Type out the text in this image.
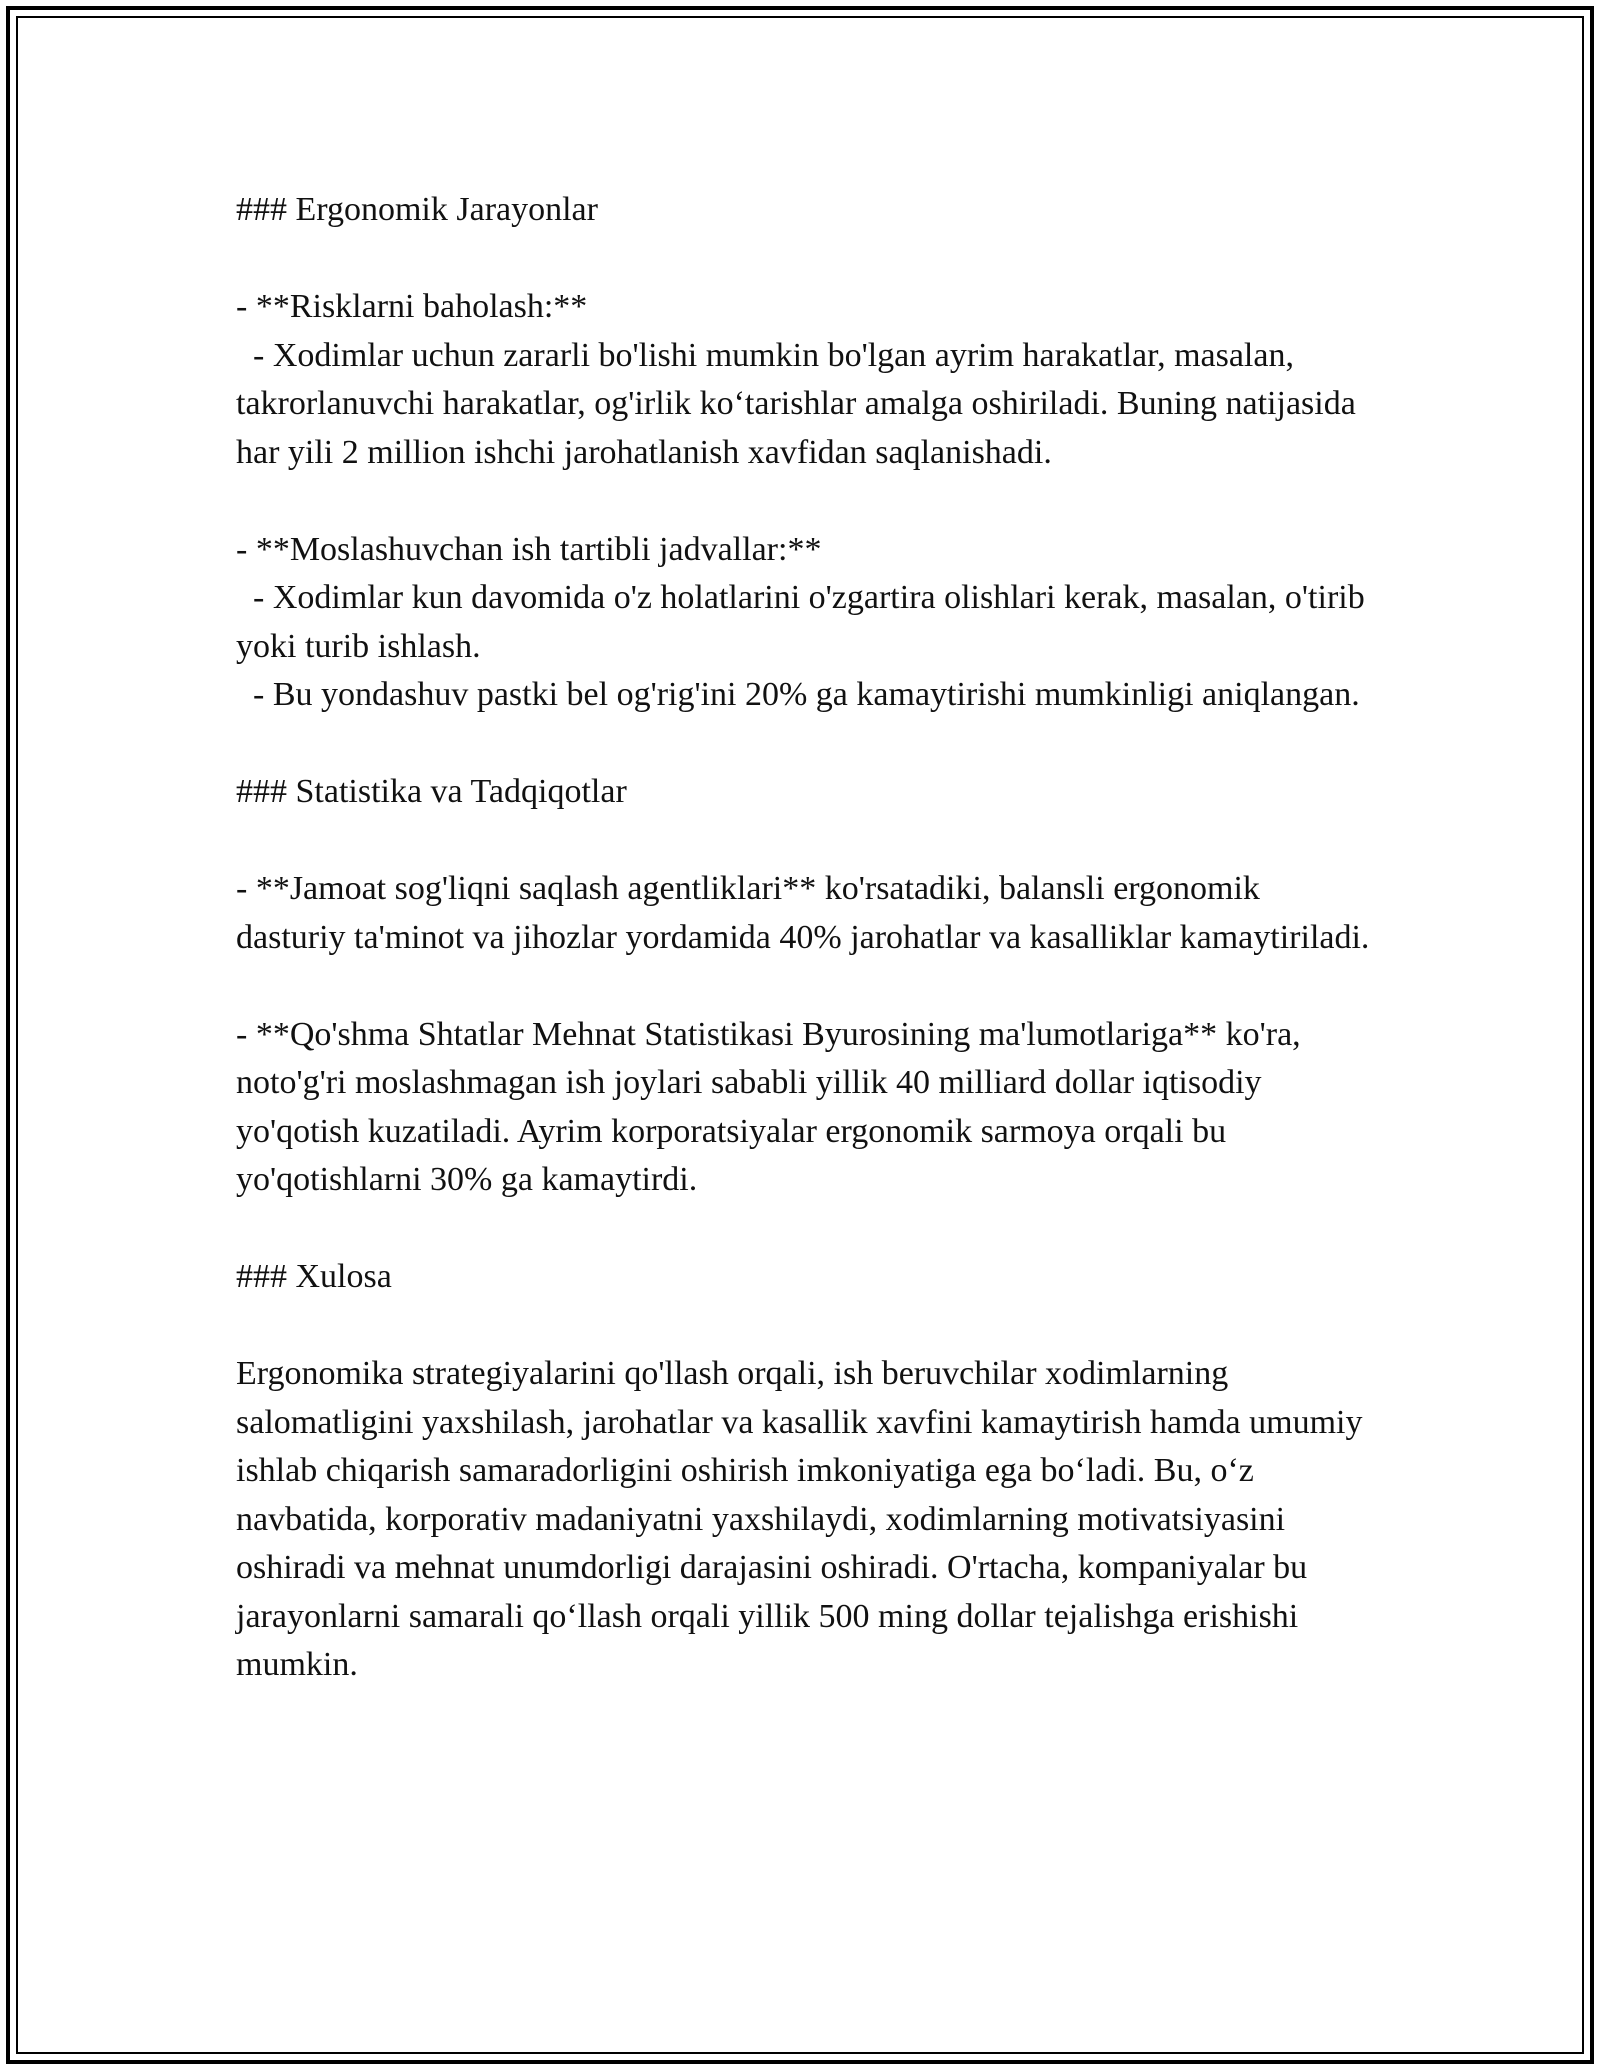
### Ergonomik Jarayonlar

- **Risklarni baholash:**

- Xodimlar uchun zararli bo'lishi mumkin bo'lgan ayrim harakatlar, masalan, takrorlanuvchi harakatlar, og'irlik ko‘tarishlar amalga oshiriladi. Buning natijasida har yili 2 million ishchi jarohatlanish xavfidan saqlanishadi.

- **Moslashuvchan ish tartibli jadvallar:**

- Xodimlar kun davomida o'z holatlarini o'zgartira olishlari kerak, masalan, o'tirib yoki turib ishlash.

- Bu yondashuv pastki bel og'rig'ini 20% ga kamaytirishi mumkinligi aniqlangan.

### Statistika va Tadqiqotlar

- **Jamoat sog'liqni saqlash agentliklari** ko'rsatadiki, balansli ergonomik dasturiy ta'minot va jihozlar yordamida 40% jarohatlar va kasalliklar kamaytiriladi.

- **Qo'shma Shtatlar Mehnat Statistikasi Byurosining ma'lumotlariga** ko'ra, noto'g'ri moslashmagan ish joylari sababli yillik 40 milliard dollar iqtisodiy yo'qotish kuzatiladi. Ayrim korporatsiyalar ergonomik sarmoya orqali bu yo'qotishlarni 30% ga kamaytirdi.

### Xulosa

Ergonomika strategiyalarini qo'llash orqali, ish beruvchilar xodimlarning salomatligini yaxshilash, jarohatlar va kasallik xavfini kamaytirish hamda umumiy ishlab chiqarish samaradorligini oshirish imkoniyatiga ega bo‘ladi. Bu, o‘z navbatida, korporativ madaniyatni yaxshilaydi, xodimlarning motivatsiyasini oshiradi va mehnat unumdorligi darajasini oshiradi. O'rtacha, kompaniyalar bu jarayonlarni samarali qo‘llash orqali yillik 500 ming dollar tejalishga erishishi mumkin.
